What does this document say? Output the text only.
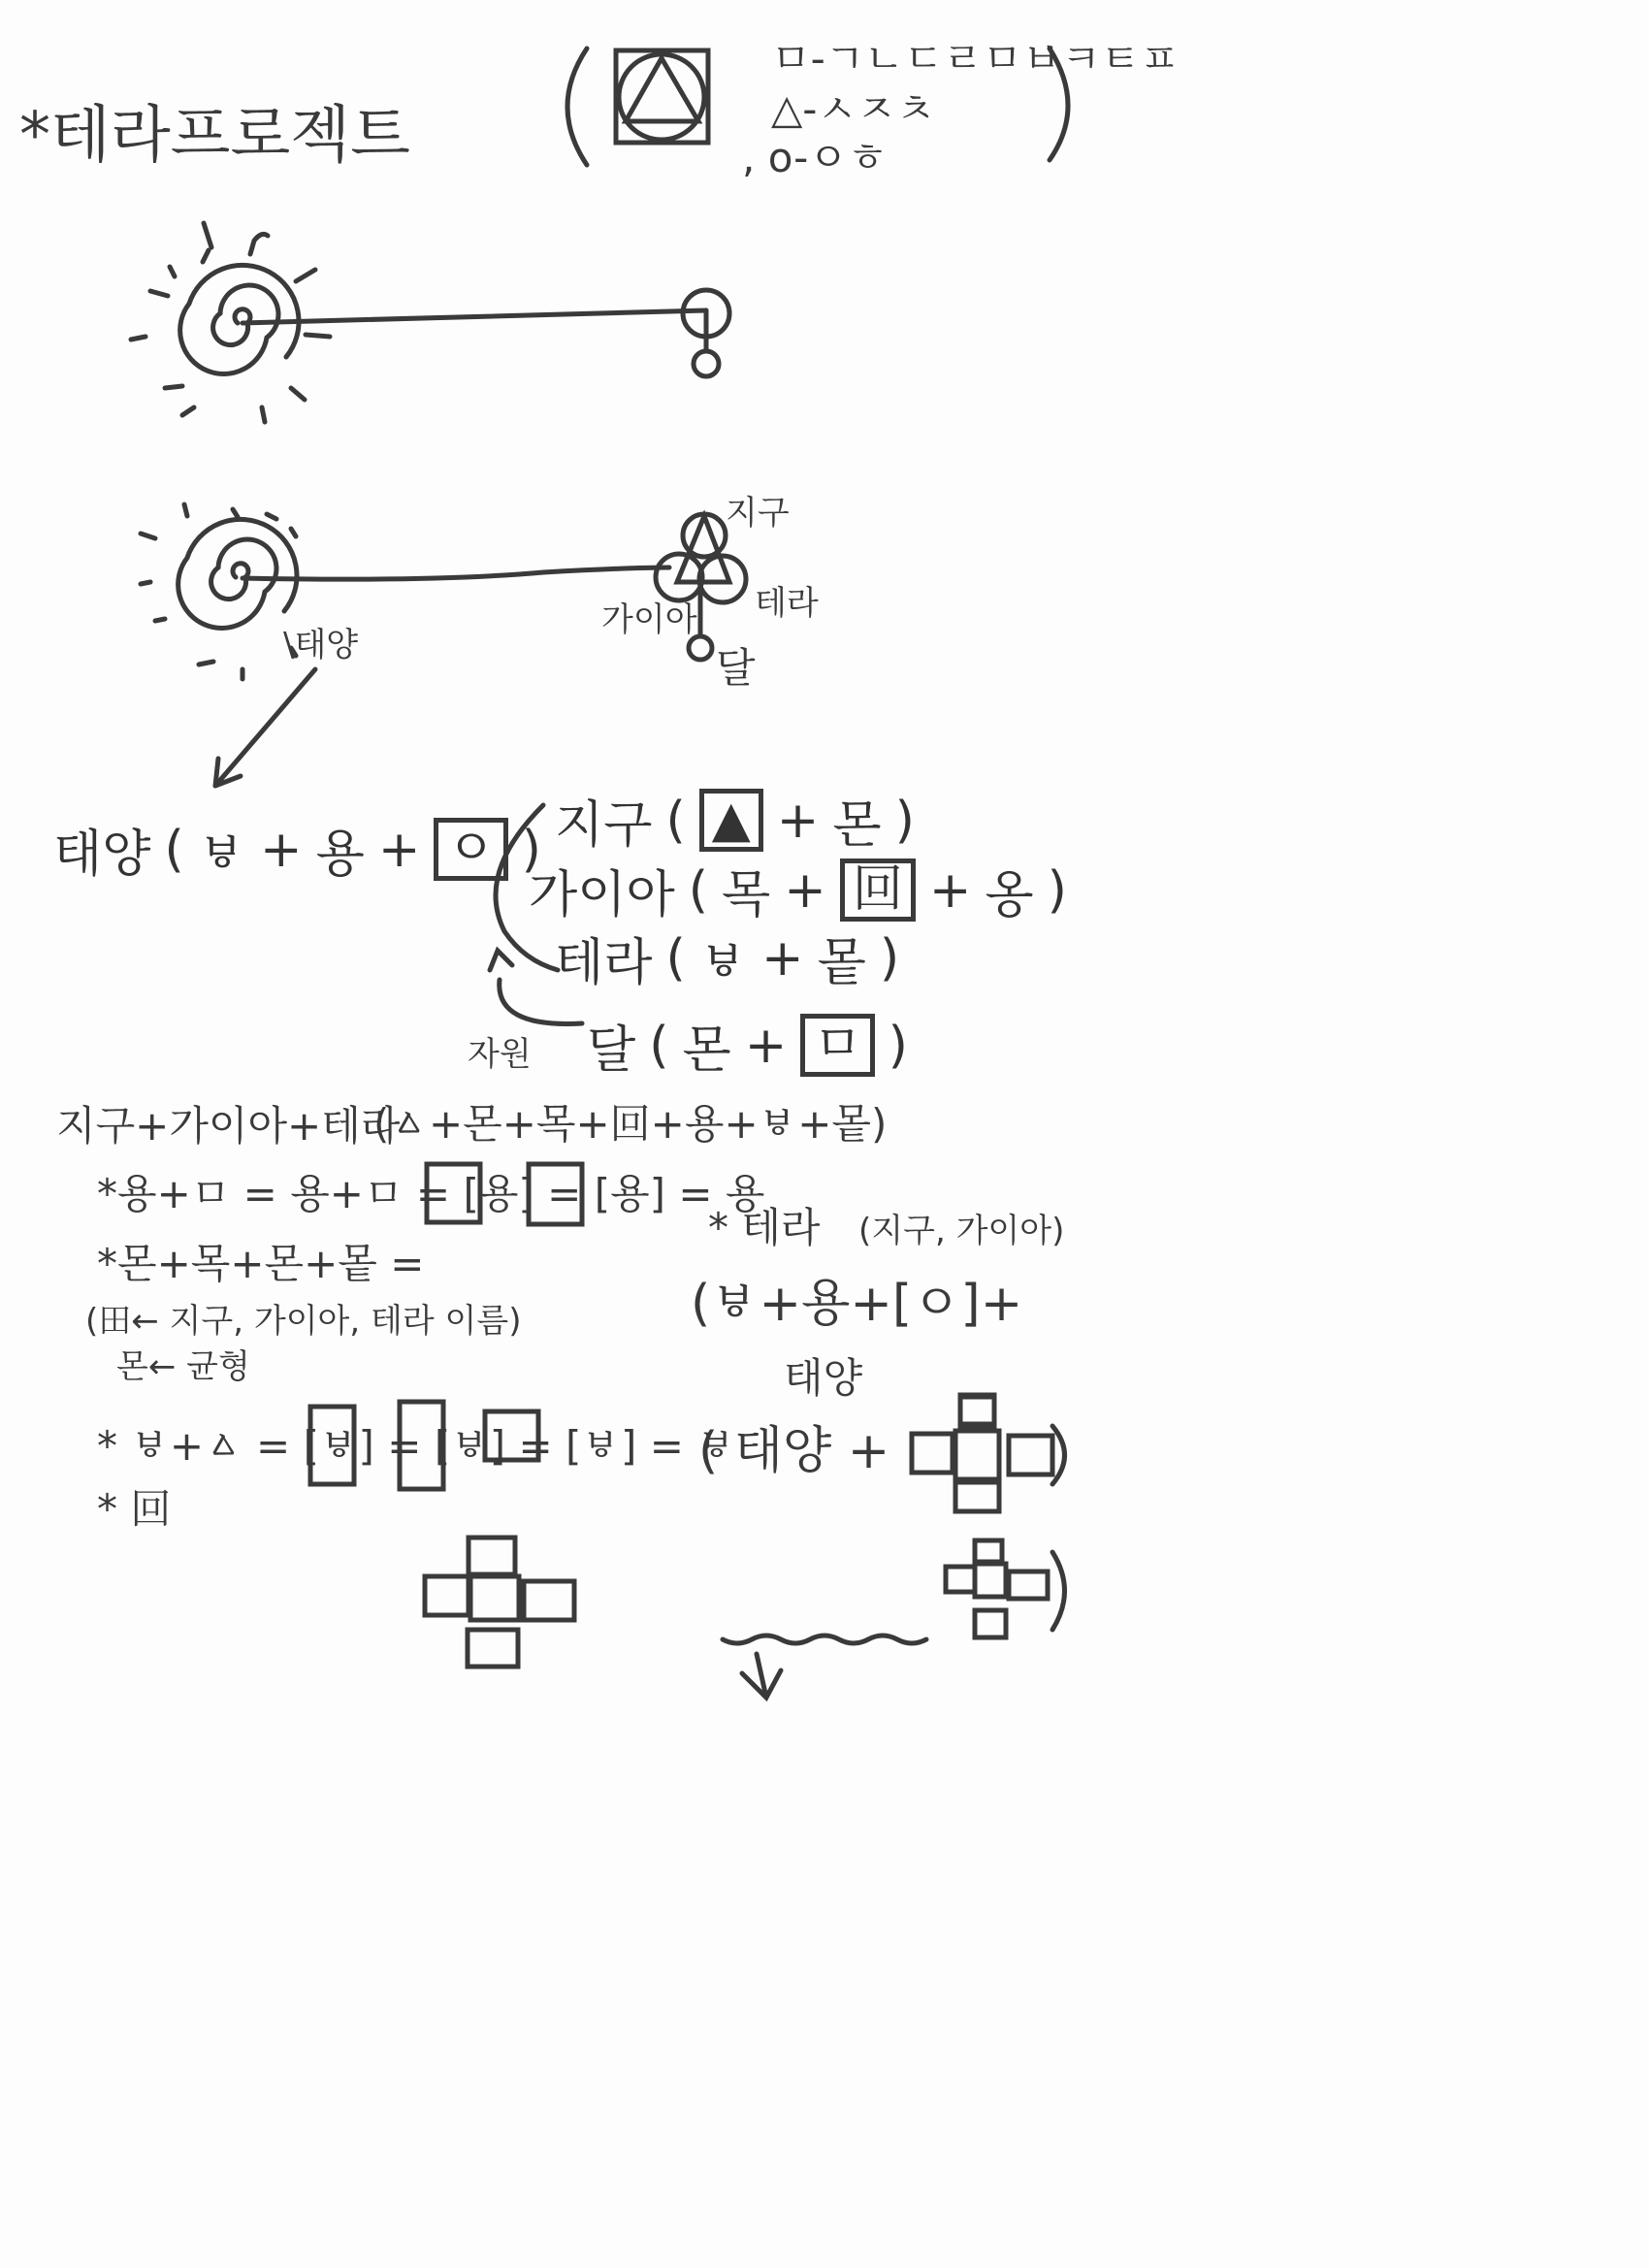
*테라프로젝트
ㅁ-ㄱㄴㄷㄹㅁㅂㅋㅌㅍ
△-ㅅㅈㅊ
, o-ㅇㅎ
지구
가이아 테라
달
\태양
태양 ( ㅸ + 용 + ㅇ ) 지구 ( ▲ + 몬 )
가이아 ( 목 + 回 + 옹 )
테라 ( ㅸ + 뫁 )
달 ( 몬 + ㅁ )
자원
지구+가이아+테라
(ㅿ+몬+목+回+용+ㅸ+뫁)
*용+ㅁ = 용+ㅁ = [용] = [용] = 용
*몬+목+몬+뫁 =
(田← 지구, 가이아, 테라 이름)
몬← 균형
* ㅸ+ㅿ = [ㅸ] = [ㅸ] = [ㅸ] = ㅸ
* 回
* 테라 (지구, 가이아)
(ㅸ+용+[ㅇ]+
태양
( 태양 +
